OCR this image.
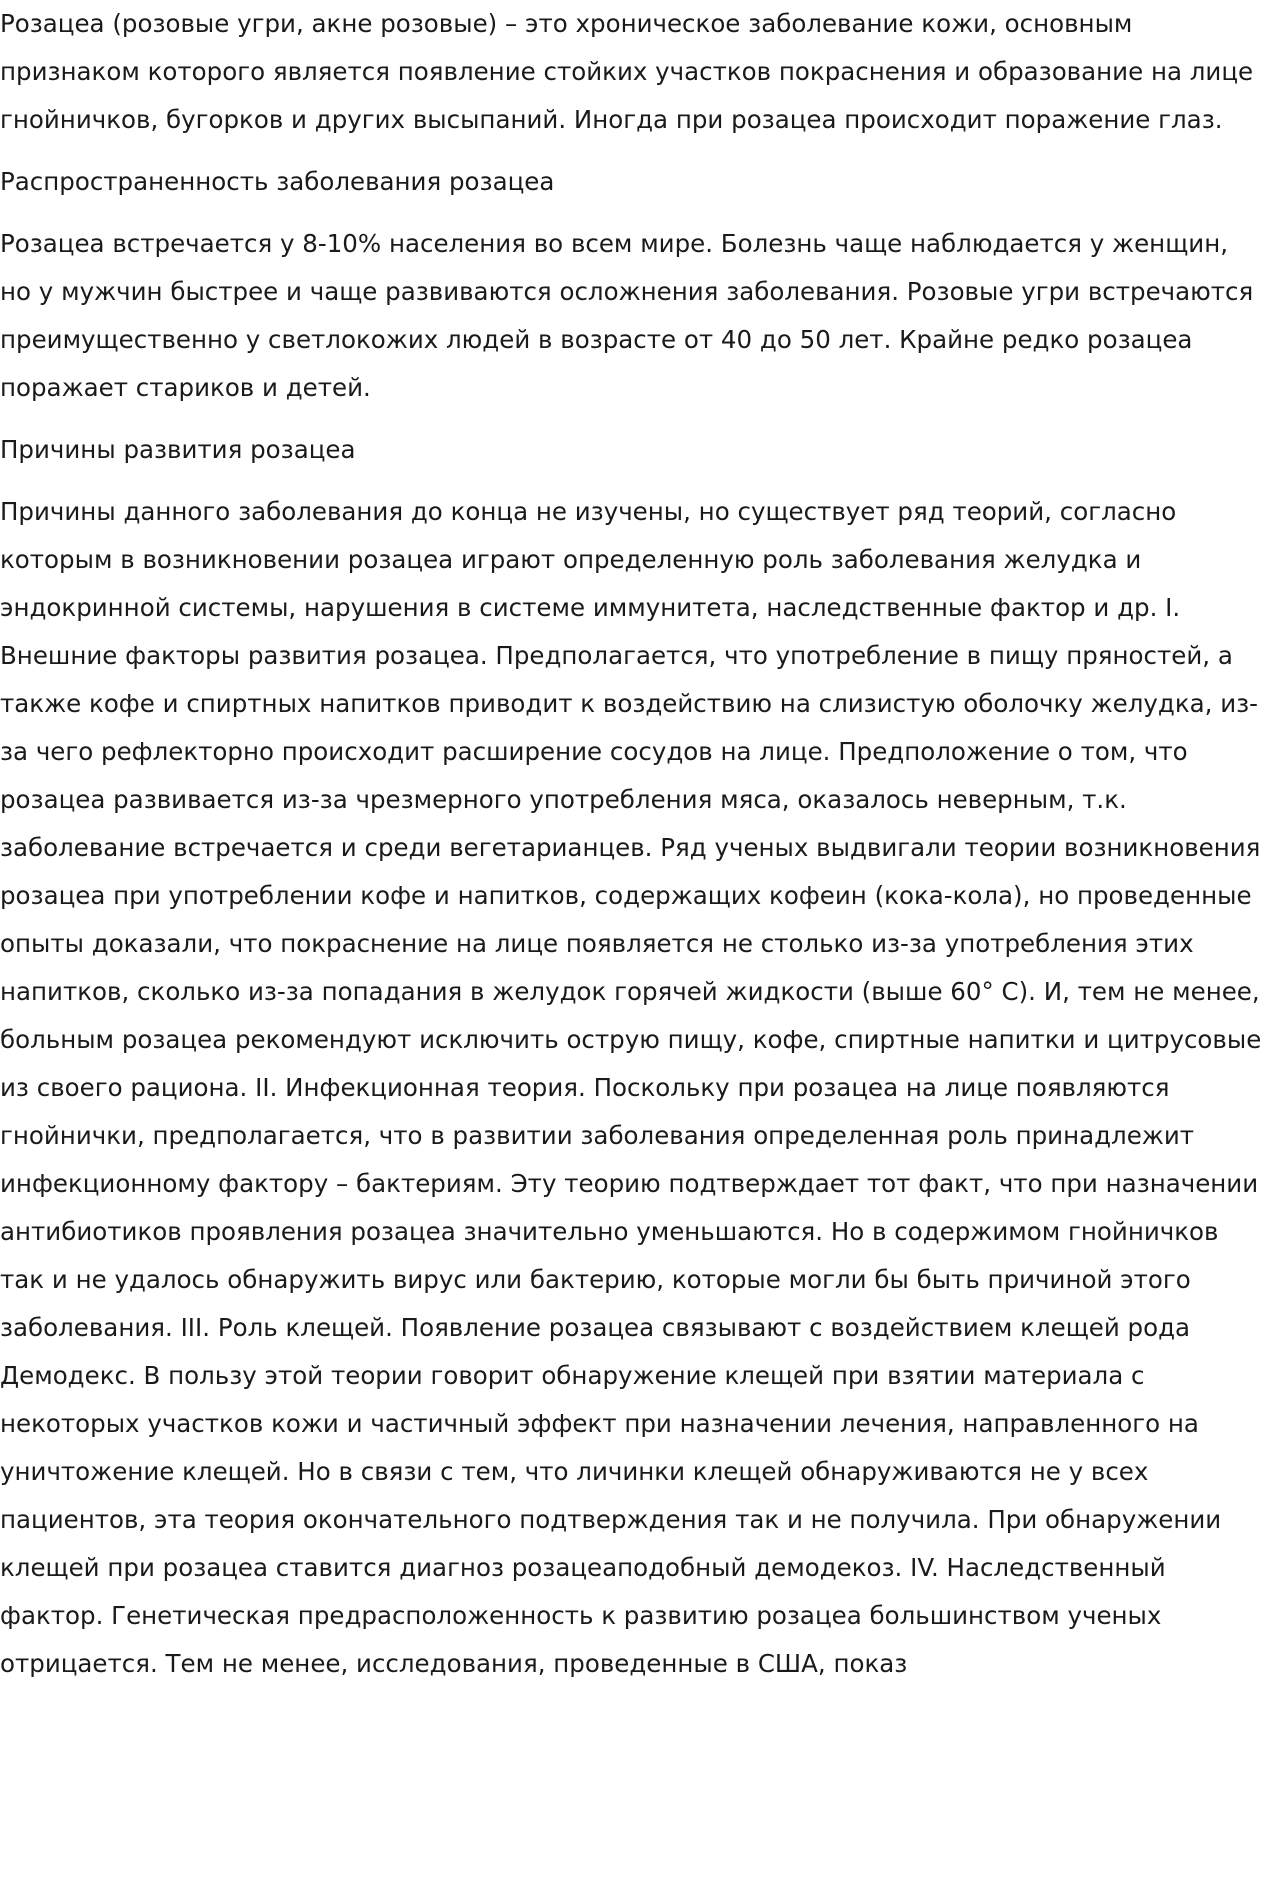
Розацеа (розовые угри, акне розовые) – это хроническое заболевание кожи, основным признаком которого является появление стойких участков покраснения и образование на лице гнойничков, бугорков и других высыпаний. Иногда при розацеа происходит поражение глаз.

Распространенность заболевания розацеа

Розацеа встречается у 8-10% населения во всем мире. Болезнь чаще наблюдается у женщин, но у мужчин быстрее и чаще развиваются осложнения заболевания. Розовые угри встречаются преимущественно у светлокожих людей в возрасте от 40 до 50 лет. Крайне редко розацеа поражает стариков и детей.

Причины развития розацеа

Причины данного заболевания до конца не изучены, но существует ряд теорий, согласно которым в возникновении розацеа играют определенную роль заболевания желудка и эндокринной системы, нарушения в системе иммунитета, наследственные фактор и др. I. Внешние факторы развития розацеа. Предполагается, что употребление в пищу пряностей, а также кофе и спиртных напитков приводит к воздействию на слизистую оболочку желудка, из-за чего рефлекторно происходит расширение сосудов на лице. Предположение о том, что розацеа развивается из-за чрезмерного употребления мяса, оказалось неверным, т.к. заболевание встречается и среди вегетарианцев. Ряд ученых выдвигали теории возникновения розацеа при употреблении кофе и напитков, содержащих кофеин (кока-кола), но проведенные опыты доказали, что покраснение на лице появляется не столько из-за употребления этих напитков, сколько из-за попадания в желудок горячей жидкости (выше 60° С). И, тем не менее, больным розацеа рекомендуют исключить острую пищу, кофе, спиртные напитки и цитрусовые из своего рациона. II. Инфекционная теория. Поскольку при розацеа на лице появляются гнойнички, предполагается, что в развитии заболевания определенная роль принадлежит инфекционному фактору – бактериям. Эту теорию подтверждает тот факт, что при назначении антибиотиков проявления розацеа значительно уменьшаются. Но в содержимом гнойничков так и не удалось обнаружить вирус или бактерию, которые могли бы быть причиной этого заболевания. III. Роль клещей. Появление розацеа связывают с воздействием клещей рода Демодекс. В пользу этой теории говорит обнаружение клещей при взятии материала с некоторых участков кожи и частичный эффект при назначении лечения, направленного на уничтожение клещей. Но в связи с тем, что личинки клещей обнаруживаются не у всех пациентов, эта теория окончательного подтверждения так и не получила. При обнаружении клещей при розацеа ставится диагноз розацеаподобный демодекоз. IV. Наследственный фактор. Генетическая предрасположенность к развитию розацеа большинством ученых отрицается. Тем не менее, исследования, проведенные в США, показ
